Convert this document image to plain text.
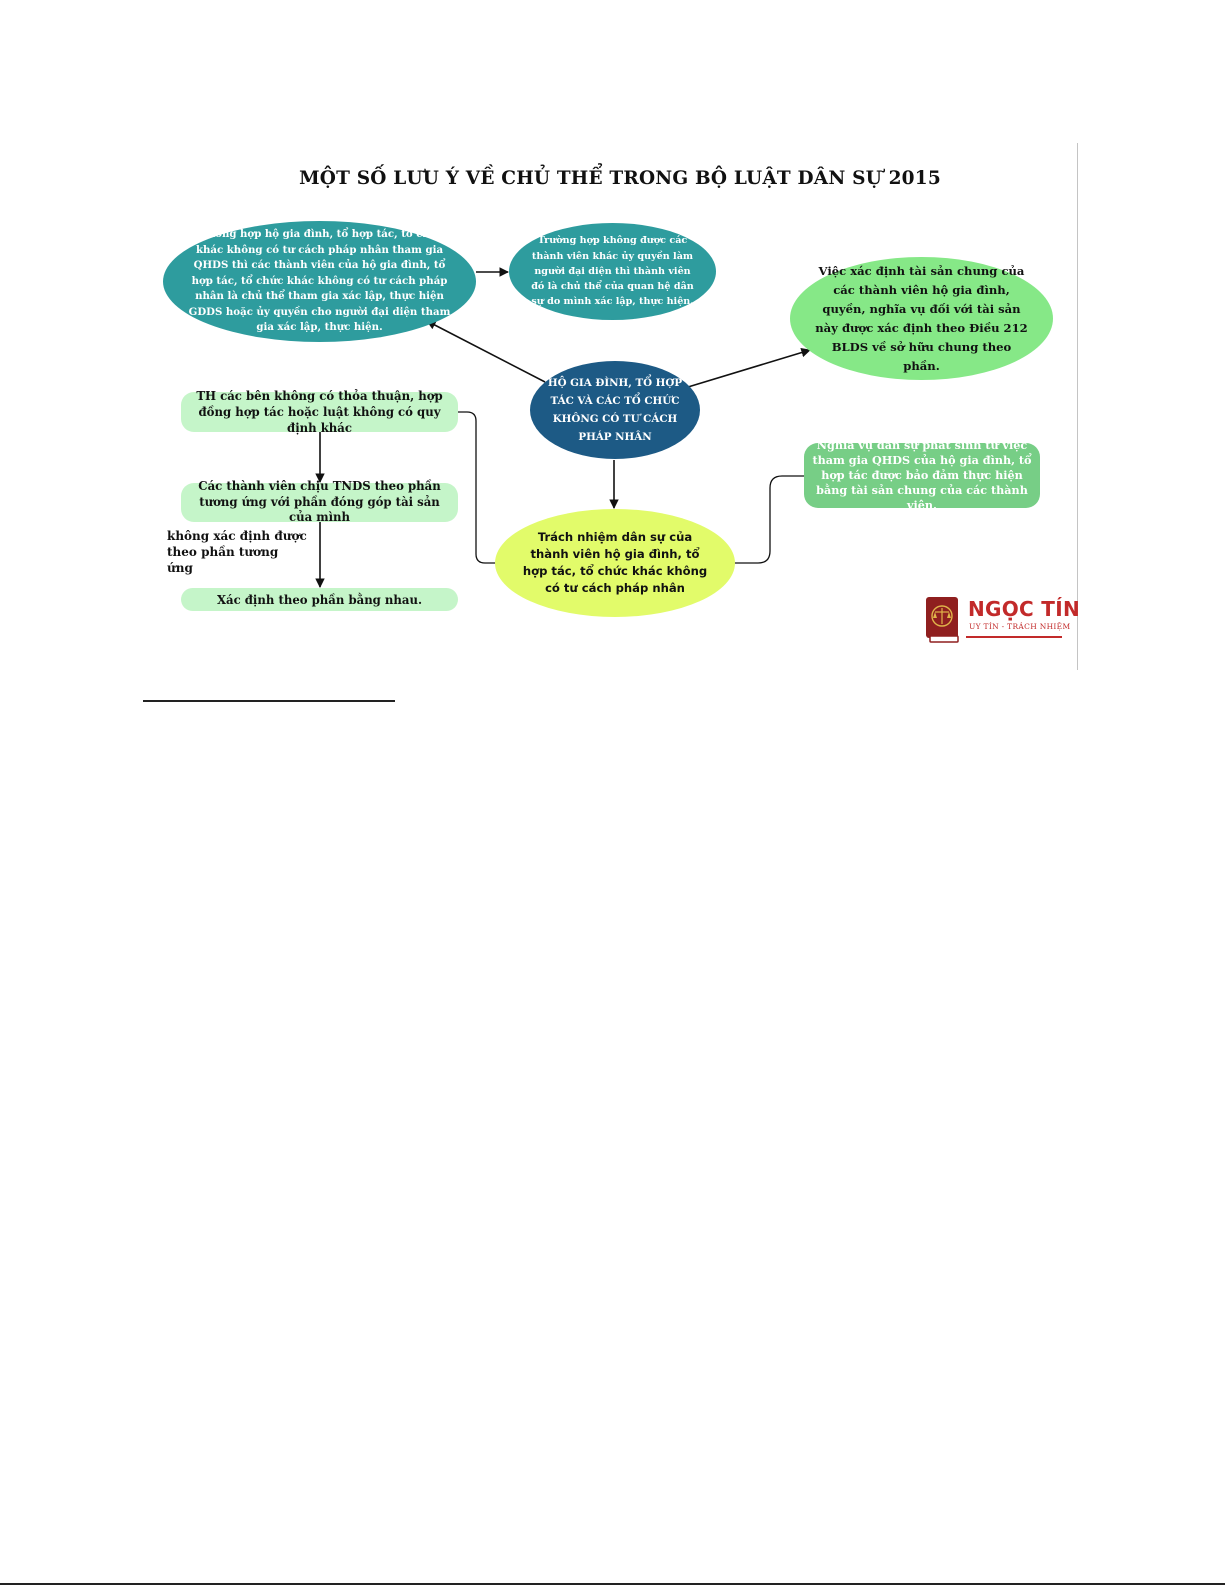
MỘT SỐ LƯU Ý VỀ CHỦ THỂ TRONG BỘ LUẬT DÂN SỰ 2015
Trường hợp hộ gia đình, tổ hợp tác, tổ chức khác không có tư cách pháp nhân tham gia QHDS thì các thành viên của hộ gia đình, tổ hợp tác, tổ chức khác không có tư cách pháp nhân là chủ thể tham gia xác lập, thực hiện GDDS hoặc ủy quyền cho người đại diện tham gia xác lập, thực hiện.
Trường hợp không được các thành viên khác ủy quyền làm người đại diện thì thành viên đó là chủ thể của quan hệ dân sự do mình xác lập, thực hiện.
Việc xác định tài sản chung của các thành viên hộ gia đình, quyền, nghĩa vụ đối với tài sản này được xác định theo Điều 212 BLDS về sở hữu chung theo phần.
HỘ GIA ĐÌNH, TỔ HỢP TÁC VÀ CÁC TỔ CHỨC KHÔNG CÓ TƯ CÁCH PHÁP NHÂN
TH các bên không có thỏa thuận, hợp đồng hợp tác hoặc luật không có quy định khác
Các thành viên chịu TNDS theo phần tương ứng với phần đóng góp tài sản của mình
không xác định được theo phần tương ứng
Xác định theo phần bằng nhau.
Trách nhiệm dân sự của thành viên hộ gia đình, tổ hợp tác, tổ chức khác không có tư cách pháp nhân
Nghĩa vụ dân sự phát sinh từ việc tham gia QHDS của hộ gia đình, tổ hợp tác được bảo đảm thực hiện bằng tài sản chung của các thành viên.
NGỌC TÍN
UY TÍN - TRÁCH NHIỆM
